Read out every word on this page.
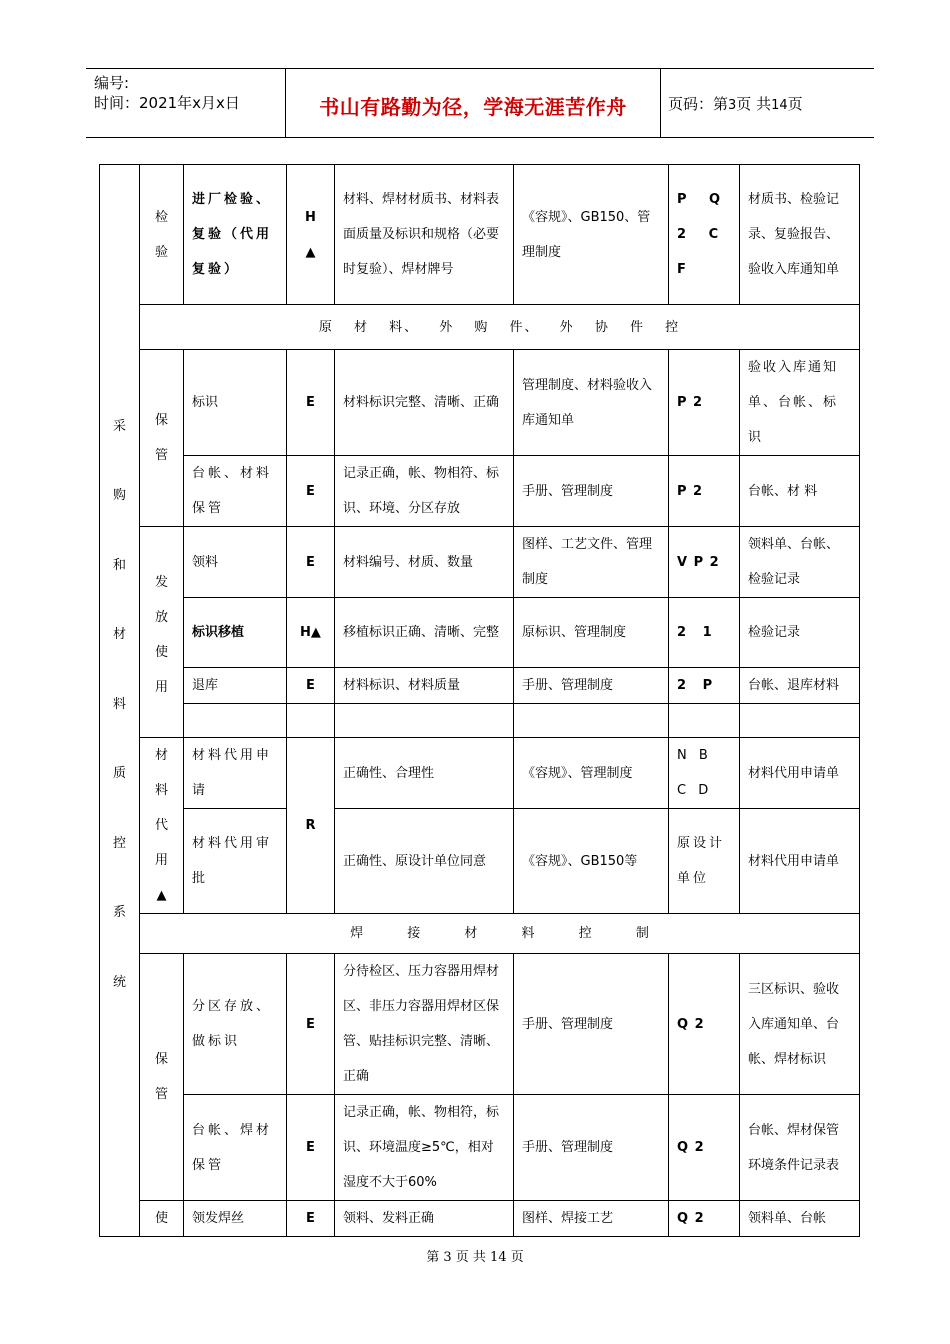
编号:
时间：2021年x月x日	书山有路勤为径，学海无涯苦作舟	页码：第3页 共14页
采购和材料质控系统	检验	进厂检验、复验（代用复验）	H▲	材料、焊材材质书、材料表面质量及标识和规格（必要时复验）、焊材牌号	《容规》、GB150、管理制度	P Q 2 C F	材质书、检验记录、复验报告、验收入库通知单
	原 材 料、 外 购 件、 外 协 件 控						

	保管	标识	E	材料标识完整、清晰、正确	管理制度、材料验收入库通知单	P 2	验收入库通知单、台帐、标识
		台帐、材料保管	E	记录正确，帐、物相符、标识、环境、分区存放	手册、管理制度	P 2	台帐、材 料

	发放使用	领料	E	材料编号、材质、数量	图样、工艺文件、管理制度	V P 2	领料单、台帐、检验记录
		标识移植	H▲	移植标识正确、清晰、完整	原标识、管理制度	2 1	检验记录
		退库	E	材料标识、材料质量	手册、管理制度	2 P	台帐、退库材料

	材料代用▲	材料代用申请	R	正确性、合理性	《容规》、管理制度	N B C D	材料代用申请单
		材料代用审批		正确性、原设计单位同意	《容规》、GB150等	原设计单位	材料代用申请单
	焊 接 材 料 控 制						

	保管	分区存放、做标识	E	分待检区、压力容器用焊材区、非压力容器用焊材区保管、贴挂标识完整、清晰、正确	手册、管理制度	Q 2	三区标识、验收入库通知单、台帐、焊材标识
		台帐、焊材保管	E	记录正确，帐、物相符，标识、环境温度≥5℃，相对湿度不大于60%	手册、管理制度	Q 2	台帐、焊材保管环境条件记录表
	使	领发焊丝	E	领料、发料正确	图样、焊接工艺	Q 2	领料单、台帐
第 3 页 共 14 页
